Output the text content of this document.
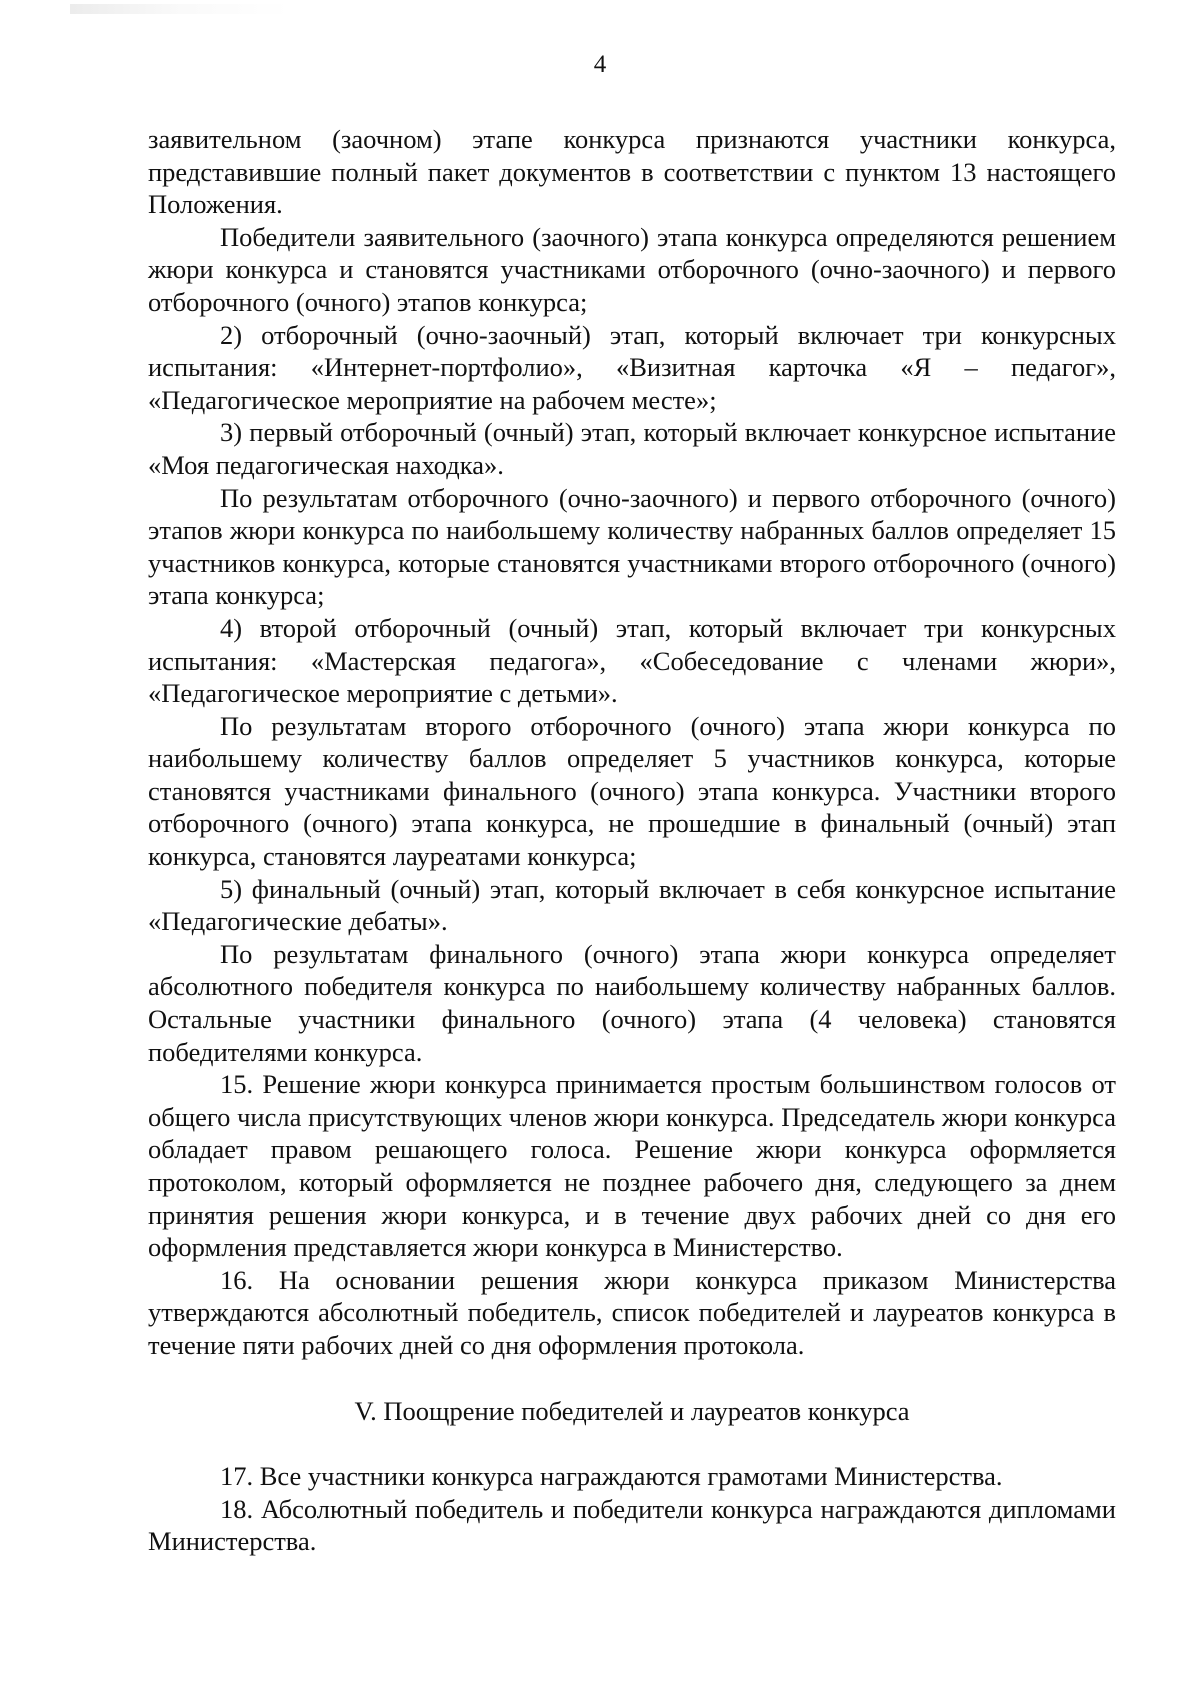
4

заявительном (заочном) этапе конкурса признаются участники конкурса, представившие полный пакет документов в соответствии с пунктом 13 настоящего Положения.

Победители заявительного (заочного) этапа конкурса определяются решением жюри конкурса и становятся участниками отборочного (очно-заочного) и первого отборочного (очного) этапов конкурса;

2) отборочный (очно-заочный) этап, который включает три конкурсных испытания: «Интернет-портфолио», «Визитная карточка «Я – педагог», «Педагогическое мероприятие на рабочем месте»;

3) первый отборочный (очный) этап, который включает конкурсное испытание «Моя педагогическая находка».

По результатам отборочного (очно-заочного) и первого отборочного (очного) этапов жюри конкурса по наибольшему количеству набранных баллов определяет 15 участников конкурса, которые становятся участниками второго отборочного (очного) этапа конкурса;

4) второй отборочный (очный) этап, который включает три конкурсных испытания: «Мастерская педагога», «Собеседование с членами жюри», «Педагогическое мероприятие с детьми».

По результатам второго отборочного (очного) этапа жюри конкурса по наибольшему количеству баллов определяет 5 участников конкурса, которые становятся участниками финального (очного) этапа конкурса. Участники второго отборочного (очного) этапа конкурса, не прошедшие в финальный (очный) этап конкурса, становятся лауреатами конкурса;

5) финальный (очный) этап, который включает в себя конкурсное испытание «Педагогические дебаты».

По результатам финального (очного) этапа жюри конкурса определяет абсолютного победителя конкурса по наибольшему количеству набранных баллов. Остальные участники финального (очного) этапа (4 человека) становятся победителями конкурса.

15. Решение жюри конкурса принимается простым большинством голосов от общего числа присутствующих членов жюри конкурса. Председатель жюри конкурса обладает правом решающего голоса. Решение жюри конкурса оформляется протоколом, который оформляется не позднее рабочего дня, следующего за днем принятия решения жюри конкурса, и в течение двух рабочих дней со дня его оформления представляется жюри конкурса в Министерство.

16. На основании решения жюри конкурса приказом Министерства утверждаются абсолютный победитель, список победителей и лауреатов конкурса в течение пяти рабочих дней со дня оформления протокола.

V. Поощрение победителей и лауреатов конкурса

17. Все участники конкурса награждаются грамотами Министерства.

18. Абсолютный победитель и победители конкурса награждаются дипломами Министерства.
